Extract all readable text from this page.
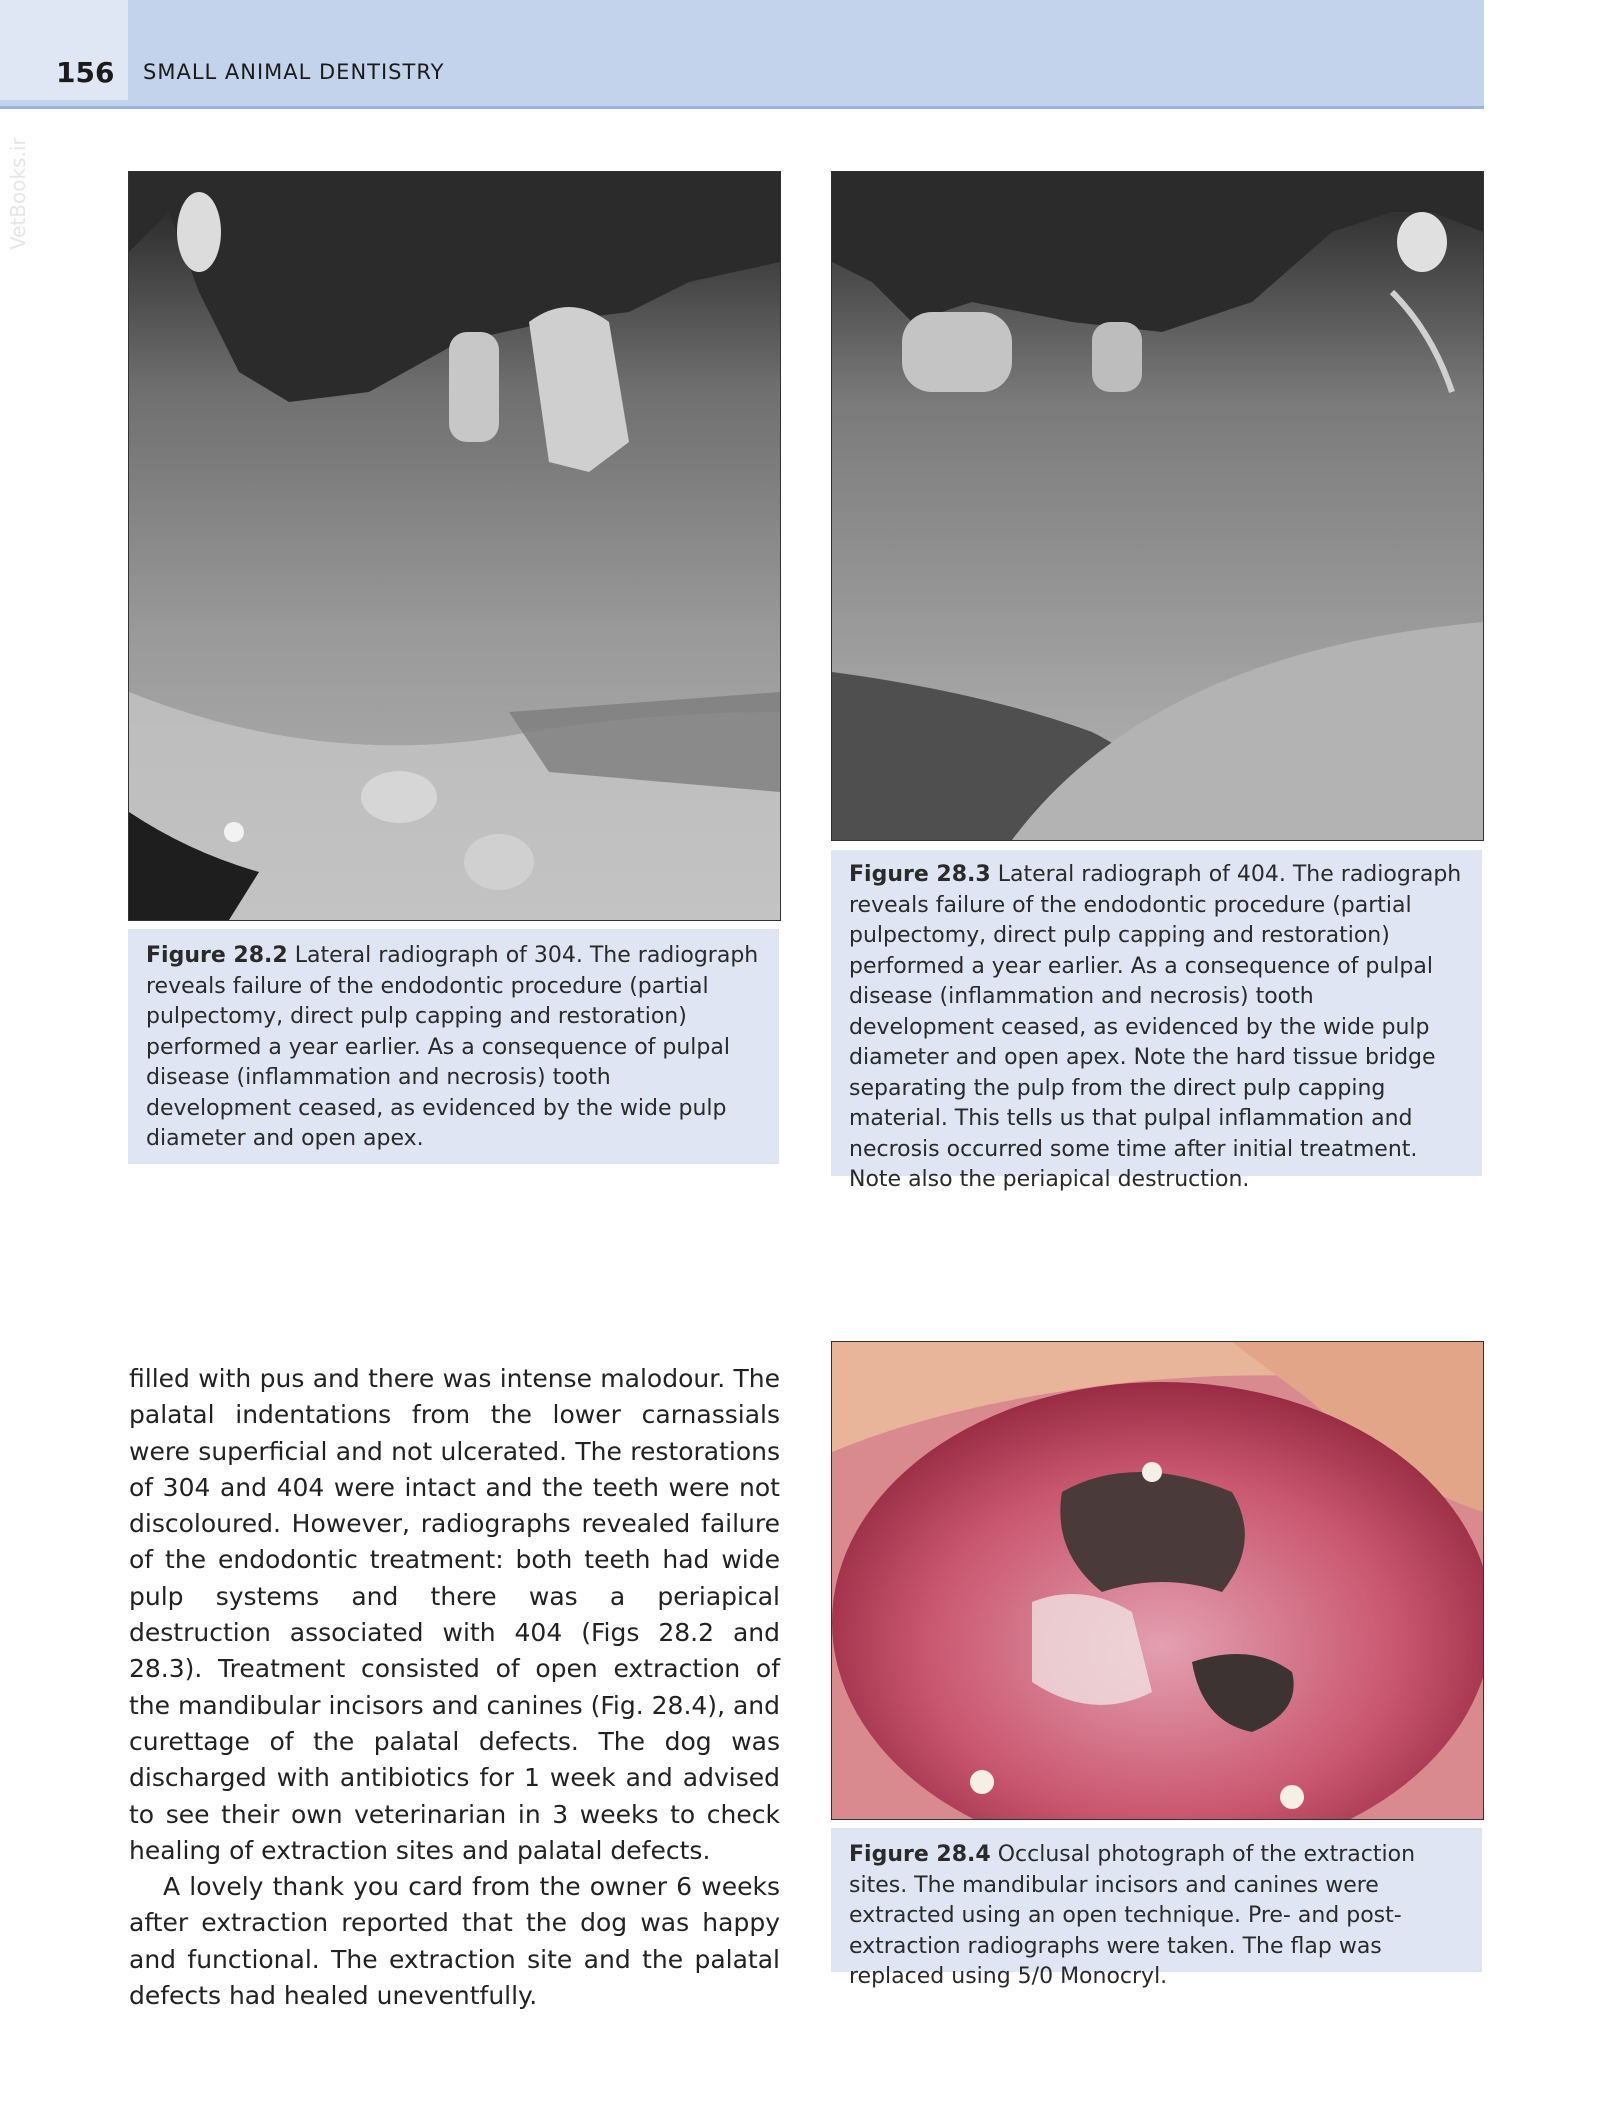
156 SMALL ANIMAL DENTISTRY
VetBooks.ir
Figure 28.2 Lateral radiograph of 304. The radiograph reveals failure of the endodontic procedure (partial pulpectomy, direct pulp capping and restoration) performed a year earlier. As a consequence of pulpal disease (inflammation and necrosis) tooth development ceased, as evidenced by the wide pulp diameter and open apex.
Figure 28.3 Lateral radiograph of 404. The radiograph reveals failure of the endodontic procedure (partial pulpectomy, direct pulp capping and restoration) performed a year earlier. As a consequence of pulpal disease (inflammation and necrosis) tooth development ceased, as evidenced by the wide pulp diameter and open apex. Note the hard tissue bridge separating the pulp from the direct pulp capping material. This tells us that pulpal inflammation and necrosis occurred some time after initial treatment. Note also the periapical destruction.

filled with pus and there was intense malodour. The palatal indentations from the lower carnassials were superficial and not ulcerated. The restorations of 304 and 404 were intact and the teeth were not discoloured. However, radiographs revealed failure of the endodontic treatment: both teeth had wide pulp systems and there was a periapical destruction associated with 404 (Figs 28.2 and 28.3). Treatment consisted of open extraction of the mandibular incisors and canines (Fig. 28.4), and curettage of the palatal defects. The dog was discharged with antibiotics for 1 week and advised to see their own veterinarian in 3 weeks to check healing of extraction sites and palatal defects.

A lovely thank you card from the owner 6 weeks after extraction reported that the dog was happy and functional. The extraction site and the palatal defects had healed uneventfully.

Figure 28.4 Occlusal photograph of the extraction sites. The mandibular incisors and canines were extracted using an open technique. Pre- and post-extraction radiographs were taken. The flap was replaced using 5/0 Monocryl.
